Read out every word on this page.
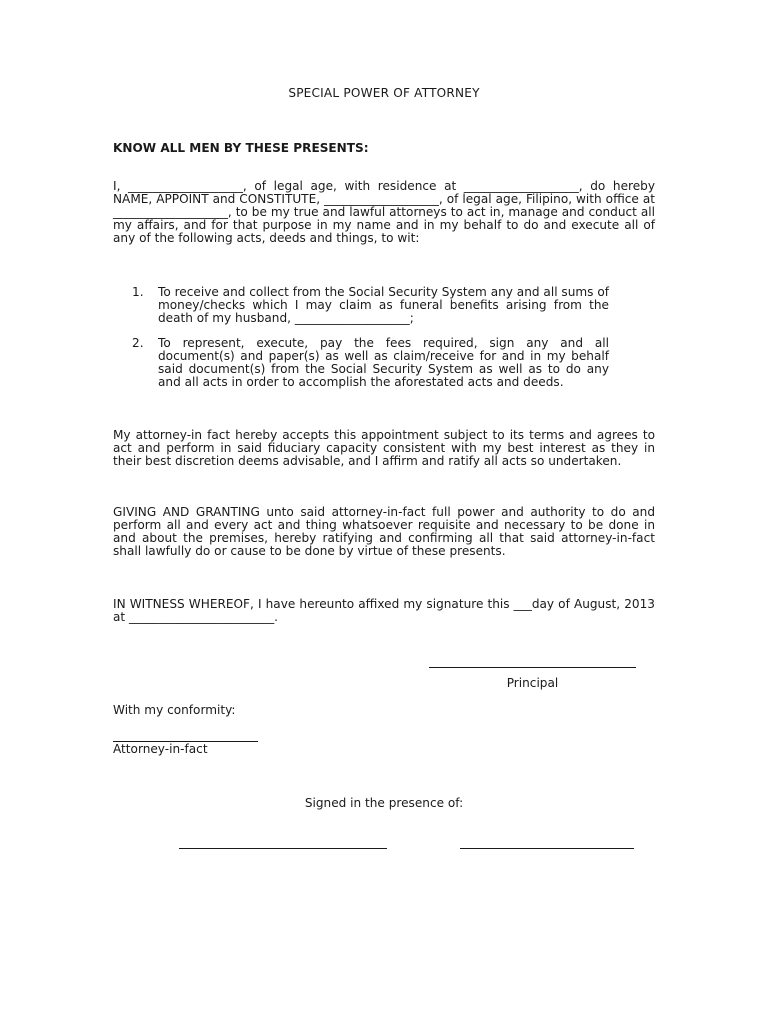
SPECIAL POWER OF ATTORNEY
KNOW ALL MEN BY THESE PRESENTS:
I, ___________________, of legal age, with residence at ___________________, do hereby NAME, APPOINT and CONSTITUTE, ___________________, of legal age, Filipino, with office at ___________________, to be my true and lawful attorneys to act in, manage and conduct all my affairs, and for that purpose in my name and in my behalf to do and execute all of any of the following acts, deeds and things, to wit:
1. To receive and collect from the Social Security System any and all sums of money/checks which I may claim as funeral benefits arising from the death of my husband, ___________________;
2. To represent, execute, pay the fees required, sign any and all document(s) and paper(s) as well as claim/receive for and in my behalf said document(s) from the Social Security System as well as to do any and all acts in order to accomplish the aforestated acts and deeds.
My attorney-in fact hereby accepts this appointment subject to its terms and agrees to act and perform in said fiduciary capacity consistent with my best interest as they in their best discretion deems advisable, and I affirm and ratify all acts so undertaken.
GIVING AND GRANTING unto said attorney-in-fact full power and authority to do and perform all and every act and thing whatsoever requisite and necessary to be done in and about the premises, hereby ratifying and confirming all that said attorney-in-fact shall lawfully do or cause to be done by virtue of these presents.
IN WITNESS WHEREOF, I have hereunto affixed my signature this ___day of August, 2013 at ________________________.
Principal
With my conformity:
Attorney-in-fact
Signed in the presence of:
